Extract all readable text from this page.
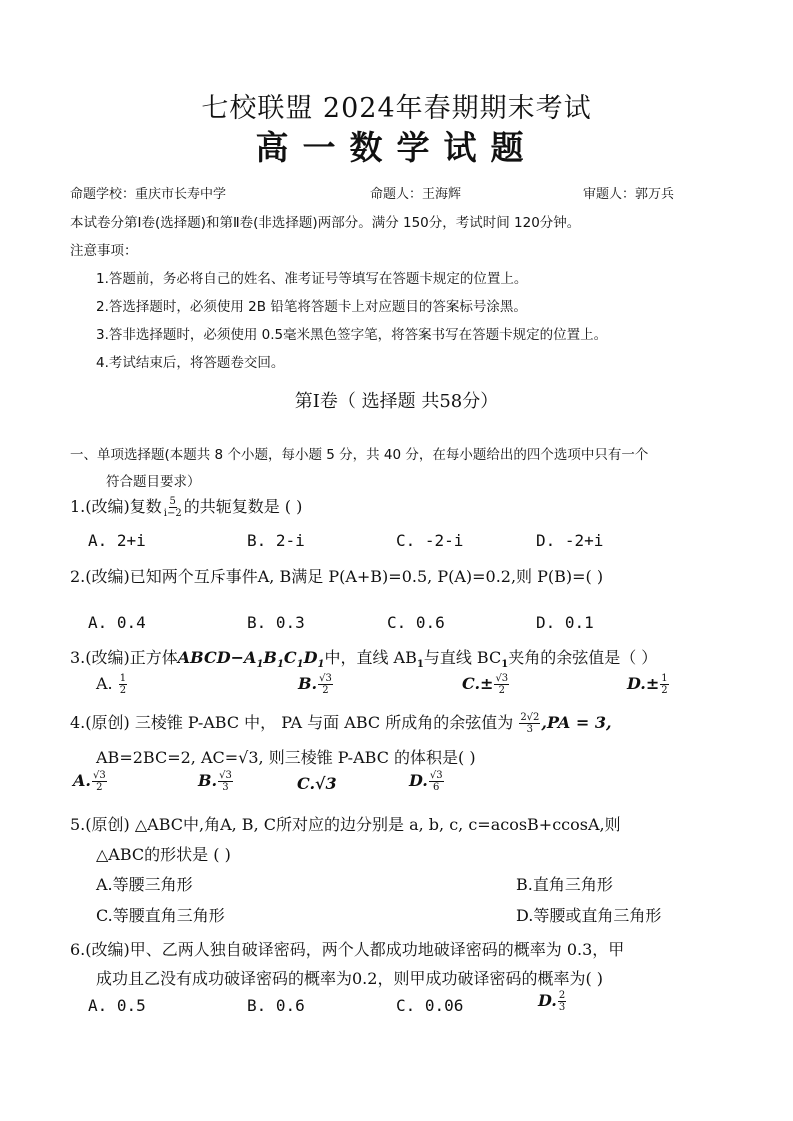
七校联盟 2024年春期期末考试
高一数学试题
命题学校：重庆市长寿中学	命题人：王海辉	审题人：郭万兵
本试卷分第Ⅰ卷(选择题)和第Ⅱ卷(非选择题)两部分。满分 150分，考试时间 120分钟。
注意事项：
1.答题前，务必将自己的姓名、准考证号等填写在答题卡规定的位置上。
2.答选择题时，必须使用 2B 铅笔将答题卡上对应题目的答案标号涂黑。
3.答非选择题时，必须使用 0.5毫米黑色签字笔，将答案书写在答题卡规定的位置上。
4.考试结束后，将答题卷交回。
第Ⅰ卷（ 选择题 共58分）
一、单项选择题(本题共 8 个小题，每小题 5 分，共 40 分，在每小题给出的四个选项中只有一个
符合题目要求）
1.(改编)复数 $\frac{5}{i-2}$ 的共轭复数是 ( )
A. 2+i	B. 2-i	C. -2-i	D. -2+i
2.(改编)已知两个互斥事件A, B满足 P(A+B)=0.5, P(A)=0.2,则 P(B)=( )
A. 0.4	B. 0.3	C. 0.6	D. 0.1
3.(改编)正方体$ABCD-A_1B_1C_1D_1$中，直线 $AB_1$与直线 $BC_1$夹角的余弦值是（ ）
A. $\frac{1}{2}$	B. $\frac{√3}{2}$	$C.\pm \frac{√3}{2}$	$D.\pm \frac{1}{2}$
4.(原创) 三棱锥 P-ABC 中， PA 与面 ABC 所成角的余弦值为 $\frac{2√2}{3} ,PA = 3$,
AB=2BC=2, AC=√3, 则三棱锥 P-ABC 的体积是( )
A. $\frac{√3}{2}$	B. $\frac{√3}{3}$	C.√3	D. $\frac{√3}{6}$
5.(原创) △ABC中,角A, B, C所对应的边分别是 a, b, c, c=acosB+ccosA,则
△ABC的形状是 ( )
A.等腰三角形	B.直角三角形
C.等腰直角三角形	D.等腰或直角三角形
6.(改编)甲、乙两人独自破译密码，两个人都成功地破译密码的概率为 0.3，甲
成功且乙没有成功破译密码的概率为0.2，则甲成功破译密码的概率为( )
A. 0.5	B. 0.6	C. 0.06	D. $\frac{2}{3}$
